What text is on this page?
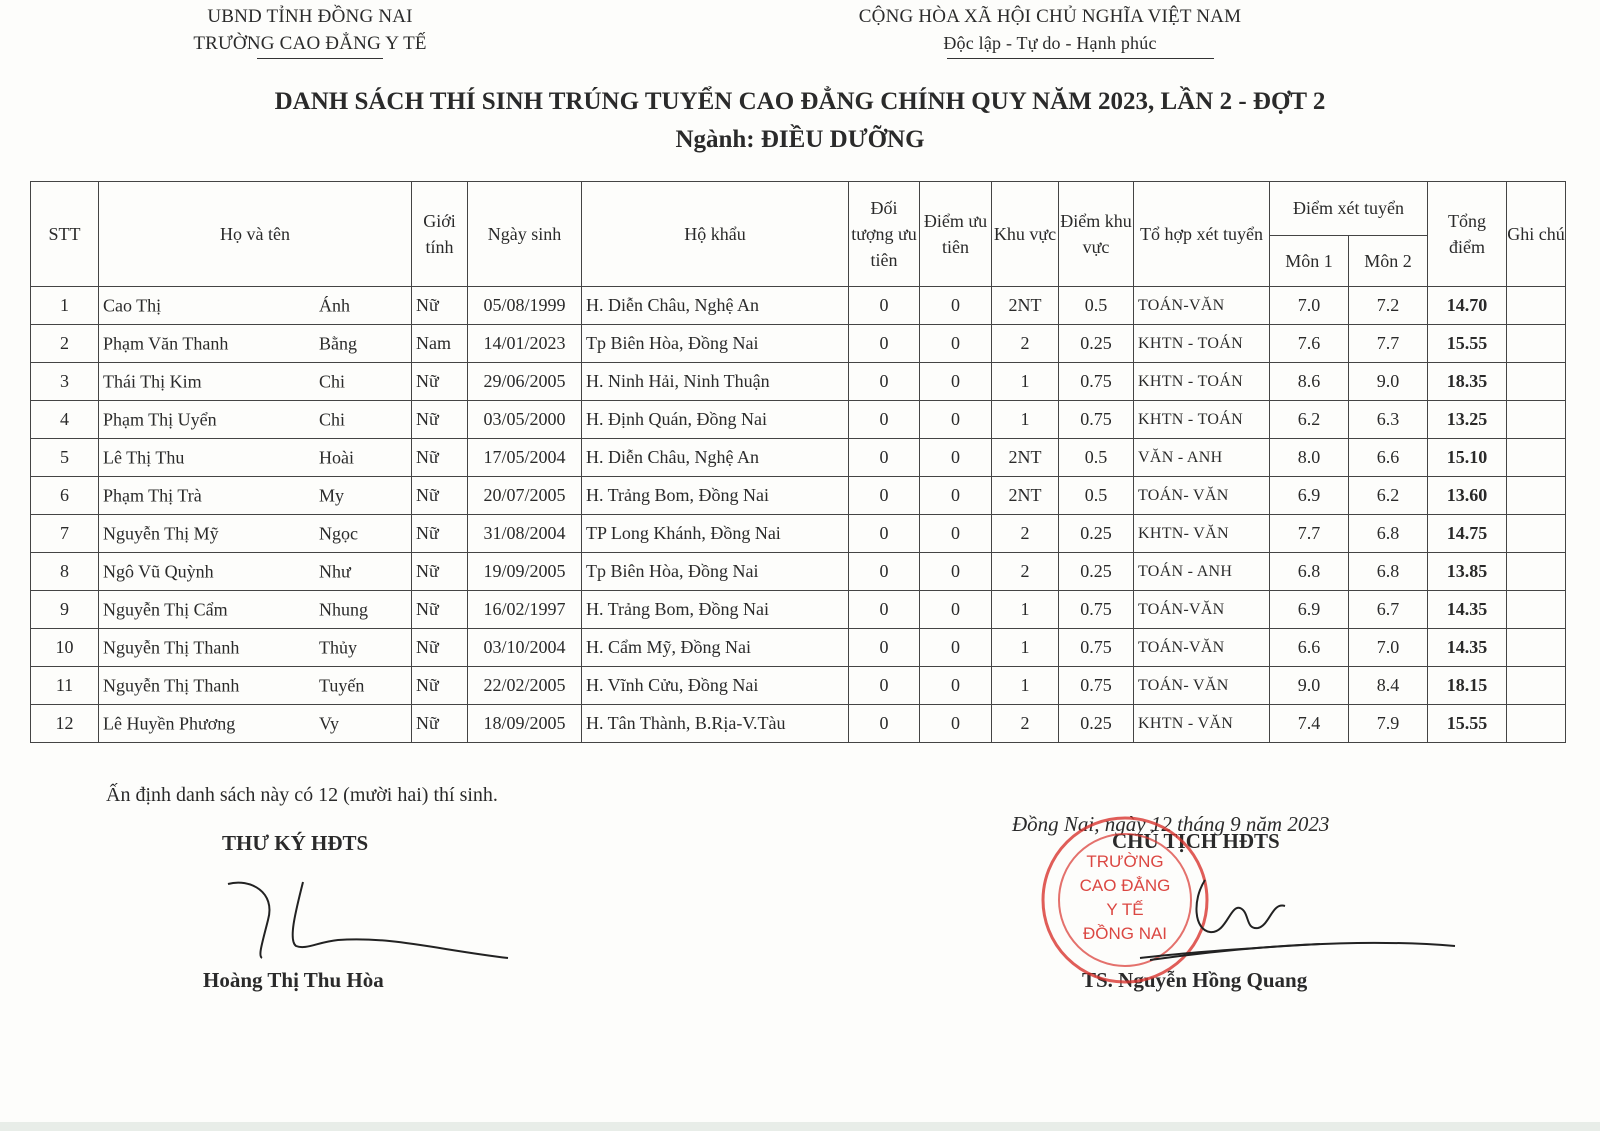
UBND TỈNH ĐỒNG NAI
TRƯỜNG CAO ĐẲNG Y TẾ
CỘNG HÒA XÃ HỘI CHỦ NGHĨA VIỆT NAM
Độc lập - Tự do - Hạnh phúc
DANH SÁCH THÍ SINH TRÚNG TUYỂN CAO ĐẲNG CHÍNH QUY NĂM 2023, LẦN 2 - ĐỢT 2
Ngành: ĐIỀU DƯỠNG
STT	Họ và tên	Giới tính	Ngày sinh	Hộ khẩu	Đối tượng ưu tiên	Điểm ưu tiên	Khu vực	Điểm khu vực	Tổ hợp xét tuyển	Điểm xét tuyển		Tổng điểm	Ghi chú
										Môn 1	Môn 2		
1	Cao Thị Ánh	Nữ	05/08/1999	H. Diễn Châu, Nghệ An	0	0	2NT	0.5	TOÁN-VĂN	7.0	7.2	14.70	
2	Phạm Văn Thanh Bằng	Nam	14/01/2023	Tp Biên Hòa, Đồng Nai	0	0	2	0.25	KHTN - TOÁN	7.6	7.7	15.55	
3	Thái Thị Kim Chi	Nữ	29/06/2005	H. Ninh Hải, Ninh Thuận	0	0	1	0.75	KHTN - TOÁN	8.6	9.0	18.35	
4	Phạm Thị Uyển Chi	Nữ	03/05/2000	H. Định Quán, Đồng Nai	0	0	1	0.75	KHTN - TOÁN	6.2	6.3	13.25	
5	Lê Thị Thu Hoài	Nữ	17/05/2004	H. Diễn Châu, Nghệ An	0	0	2NT	0.5	VĂN - ANH	8.0	6.6	15.10	
6	Phạm Thị Trà My	Nữ	20/07/2005	H. Trảng Bom, Đồng Nai	0	0	2NT	0.5	TOÁN- VĂN	6.9	6.2	13.60	
7	Nguyễn Thị Mỹ Ngọc	Nữ	31/08/2004	TP Long Khánh, Đồng Nai	0	0	2	0.25	KHTN- VĂN	7.7	6.8	14.75	
8	Ngô Vũ Quỳnh Như	Nữ	19/09/2005	Tp Biên Hòa, Đồng Nai	0	0	2	0.25	TOÁN - ANH	6.8	6.8	13.85	
9	Nguyễn Thị Cẩm Nhung	Nữ	16/02/1997	H. Trảng Bom, Đồng Nai	0	0	1	0.75	TOÁN-VĂN	6.9	6.7	14.35	
10	Nguyễn Thị Thanh Thủy	Nữ	03/10/2004	H. Cẩm Mỹ, Đồng Nai	0	0	1	0.75	TOÁN-VĂN	6.6	7.0	14.35	
11	Nguyễn Thị Thanh Tuyến	Nữ	22/02/2005	H. Vĩnh Cửu, Đồng Nai	0	0	1	0.75	TOÁN- VĂN	9.0	8.4	18.15	
12	Lê Huyền Phương Vy	Nữ	18/09/2005	H. Tân Thành, B.Rịa-V.Tàu	0	0	2	0.25	KHTN - VĂN	7.4	7.9	15.55	
Ấn định danh sách này có 12 (mười hai) thí sinh.
Đồng Nai, ngày 12 tháng 9 năm 2023
THƯ KÝ HĐTS
Hoàng Thị Thu Hòa
CHỦ TỊCH HĐTS
TS. Nguyễn Hồng Quang
TRƯỜNG
CAO ĐẲNG
Y TẾ
ĐỒNG NAI
